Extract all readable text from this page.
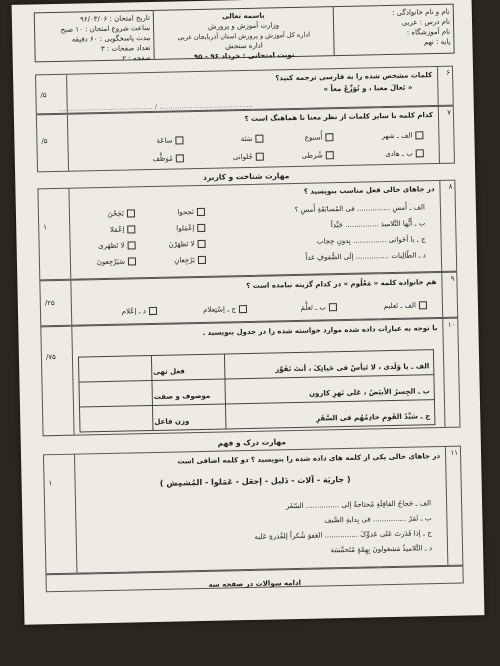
نام و نام خانوادگی :
نام درس : عربی
نام آموزشگاه :
پایه : نهم
باسمه تعالی
وزارت آموزش و پرورش
اداره کل آموزش و پرورش استان آذربایجان غربی
اداره سنجش
نوبت امتحانی : خرداد ۹۶ - ۹۵
تاریخ امتحان : ۹۶/۰۳/۰۶
ساعت شروع امتحان : ۱۰ صبح
مدت پاسخگویی : ۶۰ دقیقه
تعداد صفحات : ۳
صفحه : ۲
۶
/۵
کلمات مشخص شده را به فارسی ترجمه کنید؟
« تَعالَ معنا ، و تُوَزِّعُ معاً »
.......................................... / ..........................................	۷
/۵
کدام کلمه با سایر کلمات از نظر معنا نا هماهنگ است ؟
الف ـ شهر
أُسبوع
سَنَة
ساعَة
ب ـ هادی
شُرطی
حُلوانی
مُوظَّف
مهارت شناخت و کاربرد
۸
۱
در جاهای خالی فعل مناسب بنویسید ؟
الف ـ أَمسِ ............... فی المُسابَقَةِ أَمسِ ؟
ب ـ أَیُّها التَّلامیذ ............... جَیِّداً
ج ـ یا أخَواتی ............... بِدونِ حِجاب
د ـ الطّالِبات ............... إلَی الصُّفوفِ غداً
نَجحوا
نَجَحْنَ
اِعْمَلوا
اِعْمَلا
لا تَظهَرْنَ
لا تَظهَری
یَرْجِعانِ
سَیَرْجِعونَ
۹
/۲۵
هم خانواده کلمه « مَعْلُوم » در کدام گزینه نیامده است ؟
الف ـ تَعلیم
ب ـ تَعلَّمَ
ج ـ اِسْتِعلام
د ـ إعْلام
۱۰
/۷۵
با توجه به عبارات داده شده موارد خواسته شده را در جدول بنویسید .
	فعل نهی	الف ـ یا وَلَدی ، لا تَیأسْ فی حَیاتِکَ ، أنتَ تَفَوَّز
	موصوف و صفت	ب ـ الجِسرُ الأبیَضُ ، عَلی نَهرِ کارون
	وزن فاعل	ج ـ سَیِّدُ القَومِ خادِمُهُم فی السَّفَرِ
مهارت درک و فهم
۱۱
۱
در جاهای خالی یکی از کلمه های داده شده را بنویسید ؟ دو کلمه اضافی است
( جاریَة - آلات - دَلیل - إجعَل - عَمَلوا - المُشمِش )
الف ـ حَجاجُ القافِلَةِ مُحتاجةٌ إلی ............... السّفَر
ب ـ ثَمَرُ ............... فی بِدایةِ الصَّیف
ج ـ إذا قَدَرتَ عَلی عَدوِّکَ ............... العَفوَ شُکراً لِلقُدرةِ عَلیه
د ـ التَّلامیذُ مَشغولونَ بِهِمّةٍ مُتَحمِّسَة
ادامه سوالات در صفحه سه
